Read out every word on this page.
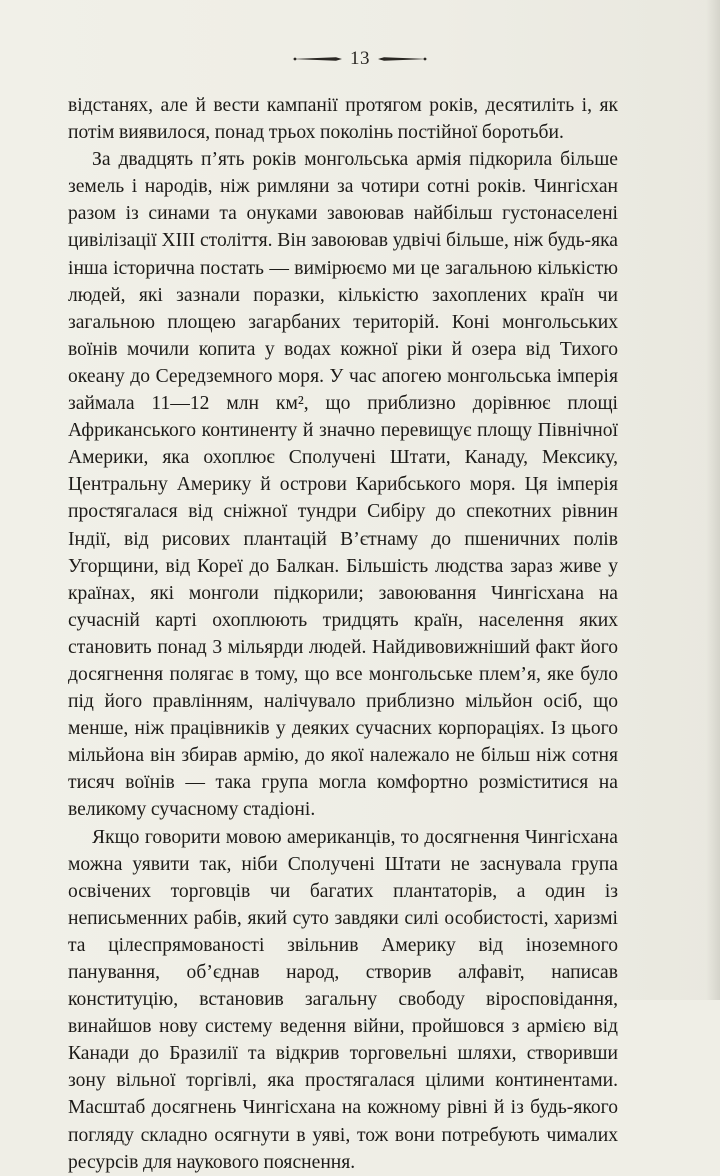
13

відстанях, але й вести кампанії протягом років, десятиліть і, як потім виявилося, понад трьох поколінь постійної боротьби.

За двадцять п’ять років монгольська армія підкорила більше земель і народів, ніж римляни за чотири сотні років. Чингісхан разом із синами та онуками завоював найбільш густонаселені цивілізації XIII століття. Він завоював удвічі більше, ніж будь-яка інша історична постать — вимірюємо ми це загальною кількістю людей, які зазнали поразки, кількістю захоплених країн чи загальною площею загарбаних територій. Коні монгольських воїнів мочили копита у водах кожної ріки й озера від Тихого океану до Середземного моря. У час апогею монгольська імперія займала 11—12 млн км², що приблизно дорівнює площі Африканського континенту й значно перевищує площу Північної Америки, яка охоплює Сполучені Штати, Канаду, Мексику, Центральну Америку й острови Карибського моря. Ця імперія простягалася від сніжної тундри Сибіру до спекотних рівнин Індії, від рисових плантацій В’єтнаму до пшеничних полів Угорщини, від Кореї до Балкан. Більшість людства зараз живе у країнах, які монголи підкорили; завоювання Чингісхана на сучасній карті охоплюють тридцять країн, населення яких становить понад 3 мільярди людей. Найдивовижніший факт його досягнення полягає в тому, що все монгольське плем’я, яке було під його правлінням, налічувало приблизно мільйон осіб, що менше, ніж працівників у деяких сучасних корпораціях. Із цього мільйона він збирав армію, до якої належало не більш ніж сотня тисяч воїнів — така група могла комфортно розміститися на великому сучасному стадіоні.

Якщо говорити мовою американців, то досягнення Чингісхана можна уявити так, ніби Сполучені Штати не заснувала група освічених торговців чи багатих плантаторів, а один із неписьменних рабів, який суто завдяки силі особистості, харизмі та цілеспрямованості звільнив Америку від іноземного панування, об’єднав народ, створив алфавіт, написав конституцію, встановив загальну свободу віросповідання, винайшов нову систему ведення війни, пройшовся з армією від Канади до Бразилії та відкрив торговельні шляхи, створивши зону вільної торгівлі, яка простягалася цілими континентами. Масштаб досягнень Чингісхана на кожному рівні й із будь-якого погляду складно осягнути в уяві, тож вони потребують чималих ресурсів для наукового пояснення.
